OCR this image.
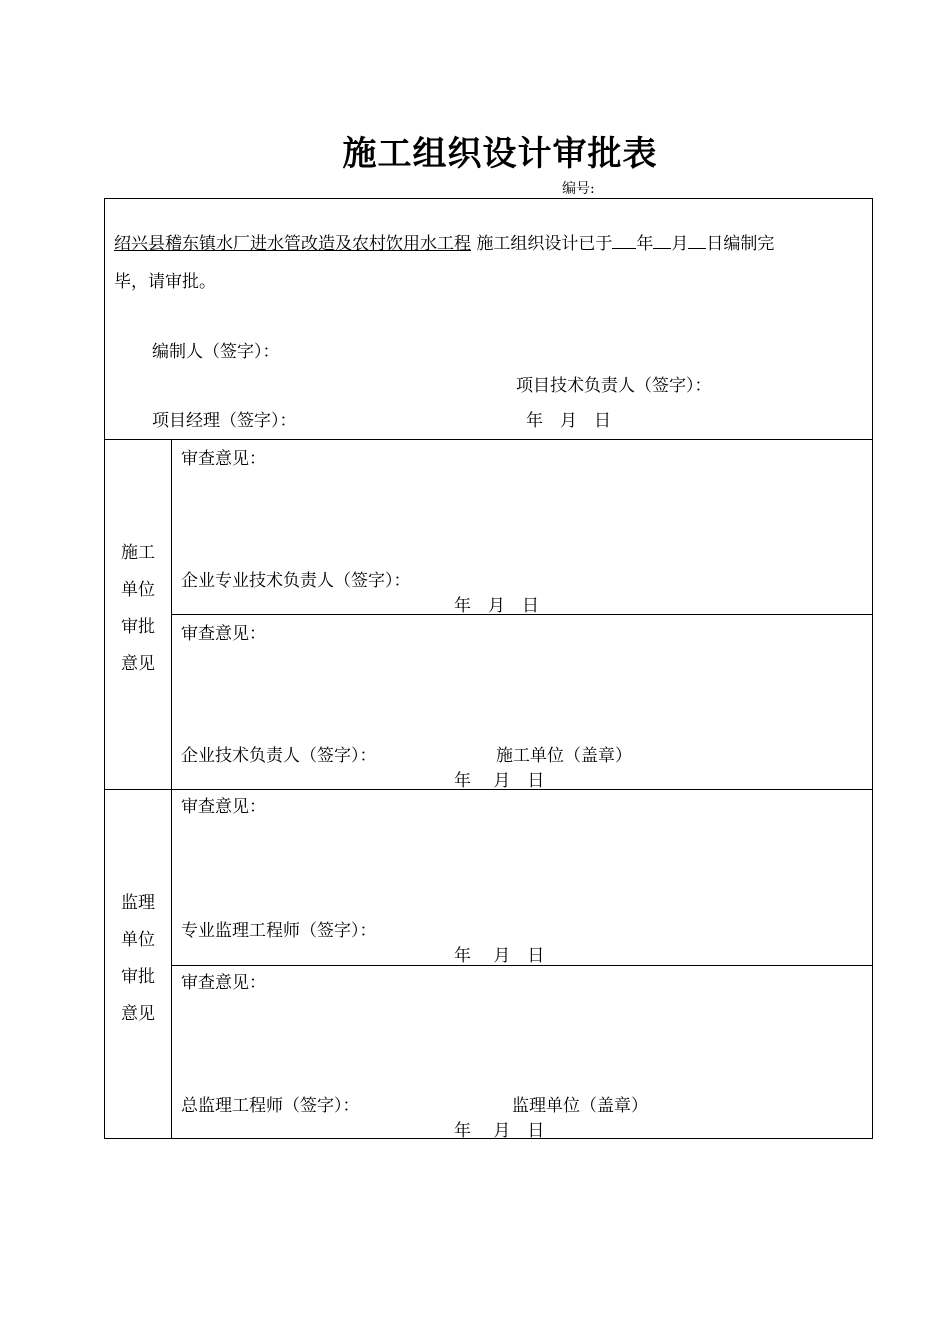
施工组织设计审批表
编号:
绍兴县稽东镇水厂进水管改造及农村饮用水工程 施工组织设计已于 年 月 日编制完
毕，请审批。
编制人（签字）：
项目技术负责人（签字）：
项目经理（签字）：	年　月　日
施工单位审批意见
审查意见：
企业专业技术负责人（签字）：
年　月　日
审查意见：
企业技术负责人（签字）：	施工单位（盖章）
年　 月　日
监理单位审批意见
审查意见：
专业监理工程师（签字）：
年　 月　日
审查意见：
总监理工程师（签字）：	监理单位（盖章）
年　 月　日
